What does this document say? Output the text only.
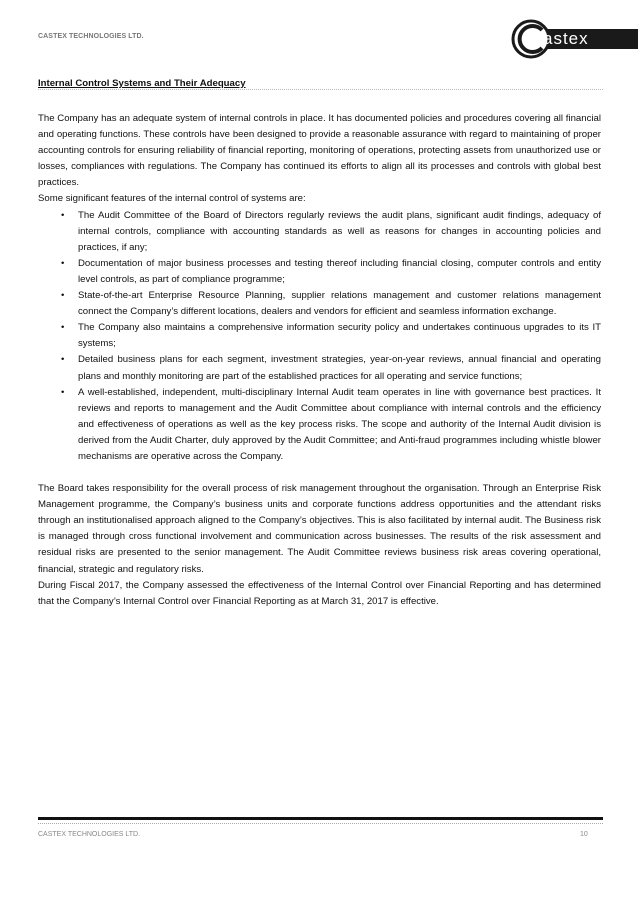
CASTEX TECHNOLOGIES LTD.	astex
Internal Control Systems and Their Adequacy

The Company has an adequate system of internal controls in place. It has documented policies and procedures covering all financial and operating functions. These controls have been designed to provide a reasonable assurance with regard to maintaining of proper accounting controls for ensuring reliability of financial reporting, monitoring of operations, protecting assets from unauthorized use or losses, compliances with regulations. The Company has continued its efforts to align all its processes and controls with global best practices.

Some significant features of the internal control of systems are:

• The Audit Committee of the Board of Directors regularly reviews the audit plans, significant audit findings, adequacy of internal controls, compliance with accounting standards as well as reasons for changes in accounting policies and practices, if any;
• Documentation of major business processes and testing thereof including financial closing, computer controls and entity level controls, as part of compliance programme;
• State-of-the-art Enterprise Resource Planning, supplier relations management and customer relations management connect the Company’s different locations, dealers and vendors for efficient and seamless information exchange.
• The Company also maintains a comprehensive information security policy and undertakes continuous upgrades to its IT systems;
• Detailed business plans for each segment, investment strategies, year-on-year reviews, annual financial and operating plans and monthly monitoring are part of the established practices for all operating and service functions;
• A well-established, independent, multi-disciplinary Internal Audit team operates in line with governance best practices. It reviews and reports to management and the Audit Committee about compliance with internal controls and the efficiency and effectiveness of operations as well as the key process risks. The scope and authority of the Internal Audit division is derived from the Audit Charter, duly approved by the Audit Committee; and Anti-fraud programmes including whistle blower mechanisms are operative across the Company.

The Board takes responsibility for the overall process of risk management throughout the organisation. Through an Enterprise Risk Management programme, the Company’s business units and corporate functions address opportunities and the attendant risks through an institutionalised approach aligned to the Company’s objectives. This is also facilitated by internal audit. The Business risk is managed through cross functional involvement and communication across businesses. The results of the risk assessment and residual risks are presented to the senior management. The Audit Committee reviews business risk areas covering operational, financial, strategic and regulatory risks.

During Fiscal 2017, the Company assessed the effectiveness of the Internal Control over Financial Reporting and has determined that the Company’s Internal Control over Financial Reporting as at March 31, 2017 is effective.

CASTEX TECHNOLOGIES LTD.	10
